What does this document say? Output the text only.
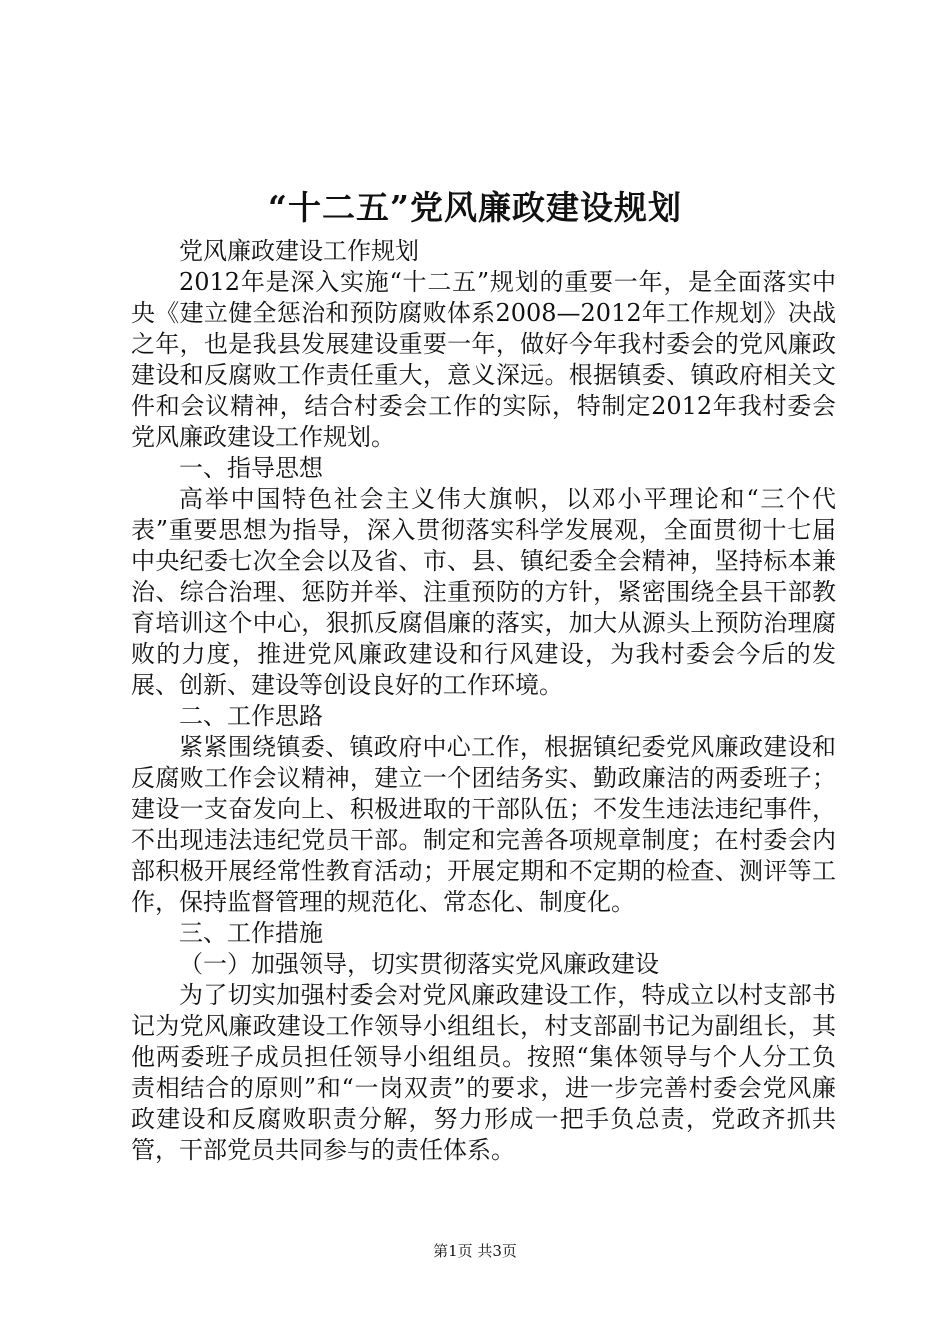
“十二五”党风廉政建设规划

党风廉政建设工作规划

2012年是深入实施“十二五”规划的重要一年，是全面落实中央《建立健全惩治和预防腐败体系2008—2012年工作规划》决战之年，也是我县发展建设重要一年，做好今年我村委会的党风廉政建设和反腐败工作责任重大，意义深远。根据镇委、镇政府相关文件和会议精神，结合村委会工作的实际，特制定2012年我村委会党风廉政建设工作规划。

一、指导思想

高举中国特色社会主义伟大旗帜，以邓小平理论和“三个代表”重要思想为指导，深入贯彻落实科学发展观，全面贯彻十七届中央纪委七次全会以及省、市、县、镇纪委全会精神，坚持标本兼治、综合治理、惩防并举、注重预防的方针，紧密围绕全县干部教育培训这个中心，狠抓反腐倡廉的落实，加大从源头上预防治理腐败的力度，推进党风廉政建设和行风建设，为我村委会今后的发展、创新、建设等创设良好的工作环境。

二、工作思路

紧紧围绕镇委、镇政府中心工作，根据镇纪委党风廉政建设和反腐败工作会议精神，建立一个团结务实、勤政廉洁的两委班子；建设一支奋发向上、积极进取的干部队伍；不发生违法违纪事件，不出现违法违纪党员干部。制定和完善各项规章制度；在村委会内部积极开展经常性教育活动；开展定期和不定期的检查、测评等工作，保持监督管理的规范化、常态化、制度化。

三、工作措施

（一）加强领导，切实贯彻落实党风廉政建设

为了切实加强村委会对党风廉政建设工作，特成立以村支部书记为党风廉政建设工作领导小组组长，村支部副书记为副组长，其他两委班子成员担任领导小组组员。按照“集体领导与个人分工负责相结合的原则”和“一岗双责”的要求，进一步完善村委会党风廉政建设和反腐败职责分解，努力形成一把手负总责，党政齐抓共管，干部党员共同参与的责任体系。

第1页 共3页
